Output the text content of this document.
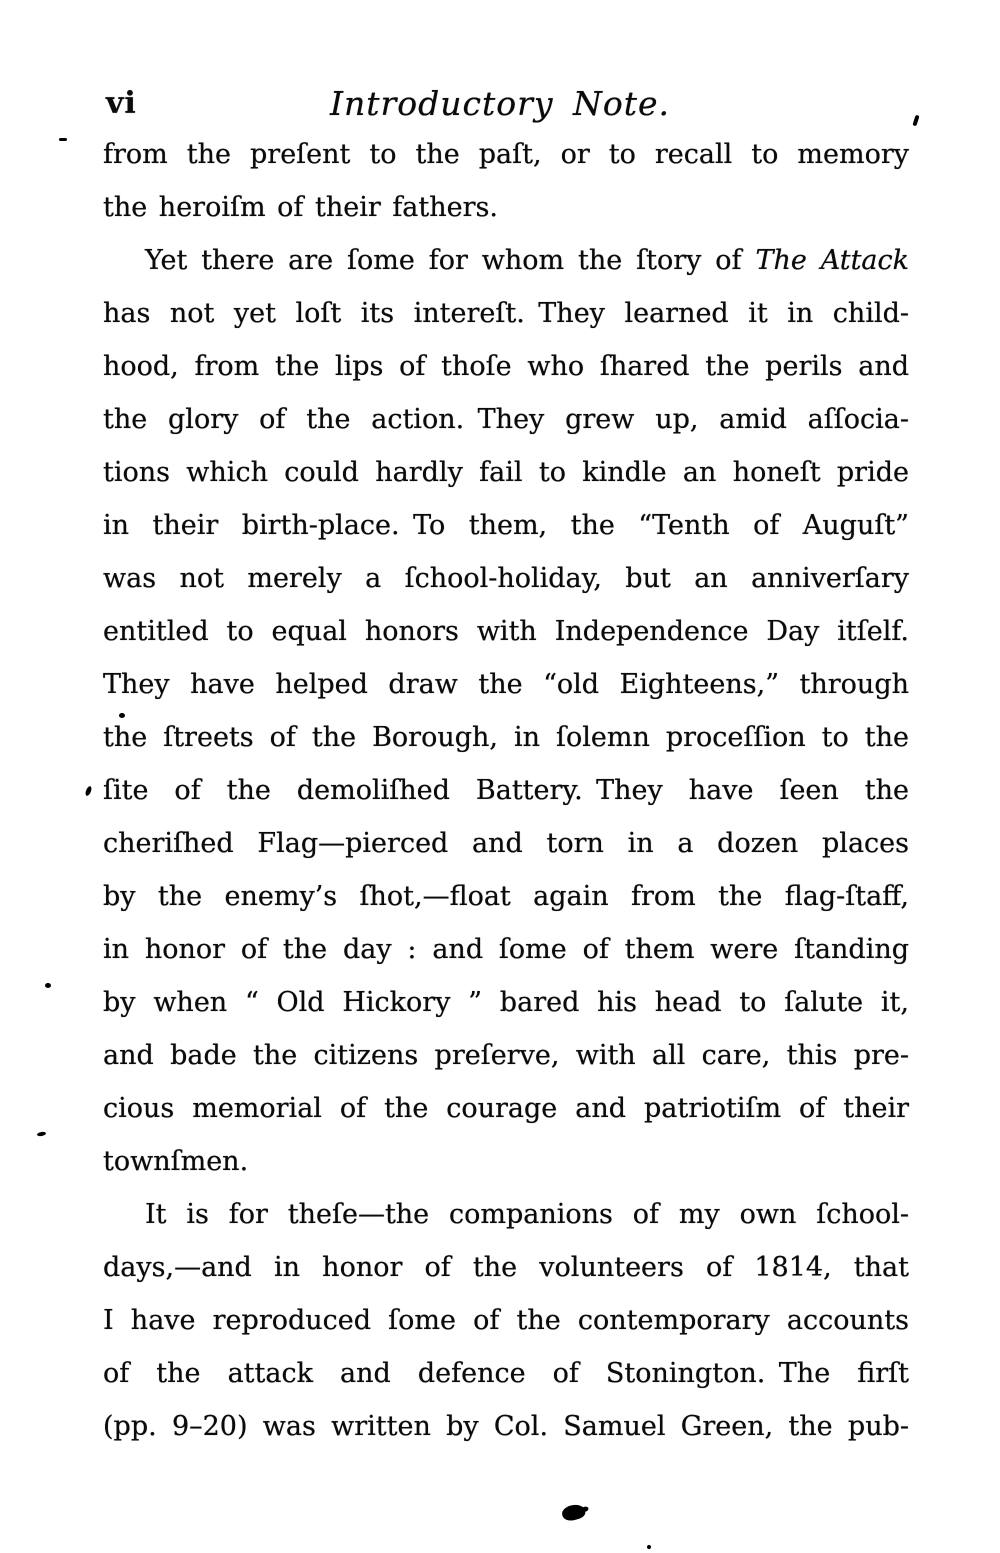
vi	Introductory Note.
from the preſent to the paſt, or to recall to memory
the heroiſm of their fathers.
Yet there are ſome for whom the ſtory of The Attack
has not yet loſt its intereſt. They learned it in child-
hood, from the lips of thoſe who ſhared the perils and
the glory of the action. They grew up, amid aſſocia-
tions which could hardly fail to kindle an honeſt pride
in their birth-place. To them, the “Tenth of Auguſt”
was not merely a ſchool-holiday, but an anniverſary
entitled to equal honors with Independence Day itſelf.
They have helped draw the “old Eighteens,” through
the ſtreets of the Borough, in ſolemn proceſſion to the
ſite of the demoliſhed Battery. They have ſeen the
cheriſhed Flag—pierced and torn in a dozen places
by the enemy’s ſhot,—float again from the flag-ſtaff,
in honor of the day : and ſome of them were ſtanding
by when “ Old Hickory ” bared his head to ſalute it,
and bade the citizens preſerve, with all care, this pre-
cious memorial of the courage and patriotiſm of their
townſmen.
It is for theſe—the companions of my own ſchool-
days,—and in honor of the volunteers of 1814, that
I have reproduced ſome of the contemporary accounts
of the attack and defence of Stonington. The firſt
(pp. 9–20) was written by Col. Samuel Green, the pub-
